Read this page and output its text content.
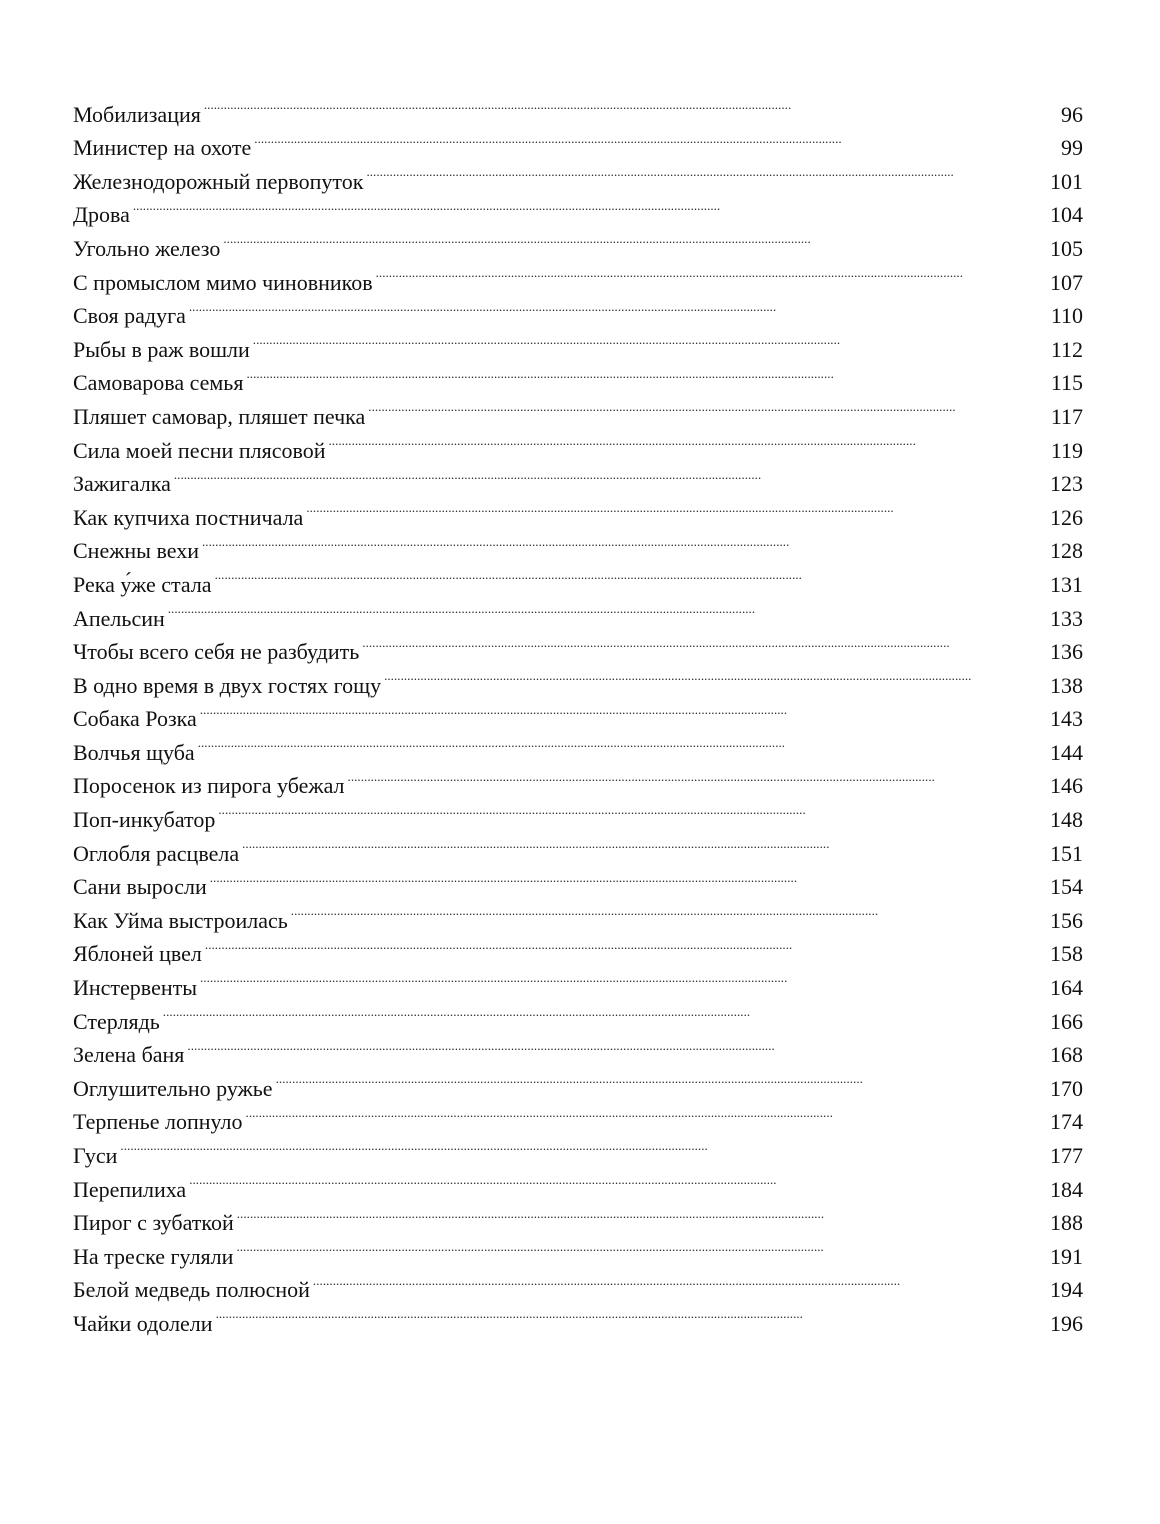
Мобилизация . . .	96
Министер на охоте . . .	99
Железнодорожный первопуток . . .	101
Дрова . . .	104
Угольно железо . . .	105
С промыслом мимо чиновников . . .	107
Своя радуга . . .	110
Рыбы в раж вошли . . .	112
Самоварова семья . . .	115
Пляшет самовар, пляшет печка . . .	117
Сила моей песни плясовой . . .	119
Зажигалка . . .	123
Как купчиха постничала . . .	126
Снежны вехи . . .	128
Река у́же стала . . .	131
Апельсин . . .	133
Чтобы всего себя не разбудить . . .	136
В одно время в двух гостях гощу . . .	138
Собака Розка . . .	143
Волчья щуба . . .	144
Поросенок из пирога убежал . . .	146
Поп-инкубатор . . .	148
Оглобля расцвела . . .	151
Сани выросли . . .	154
Как Уйма выстроилась . . .	156
Яблоней цвел . . .	158
Инстервенты . . .	164
Стерлядь . . .	166
Зелена баня . . .	168
Оглушительно ружье . . .	170
Терпенье лопнуло . . .	174
Гуси . . .	177
Перепилиха . . .	184
Пирог с зубаткой . . .	188
На треске гуляли . . .	191
Белой медведь полюсной . . .	194
Чайки одолели . . .	196
